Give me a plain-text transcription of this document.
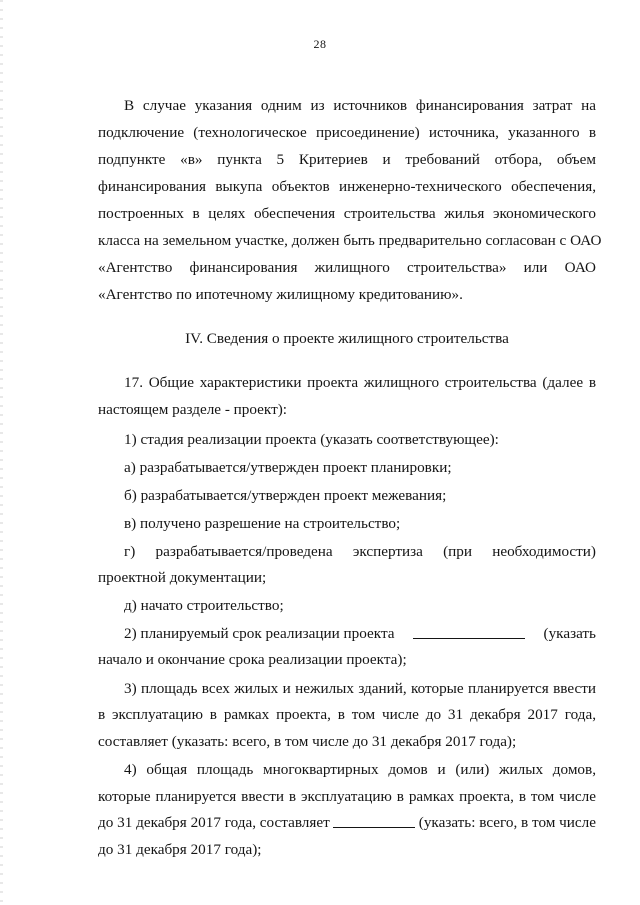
28
В случае указания одним из источников финансирования затрат на
подключение (технологическое присоединение) источника, указанного в
подпункте «в» пункта 5 Критериев и требований отбора, объем
финансирования выкупа объектов инженерно-технического обеспечения,
построенных в целях обеспечения строительства жилья экономического
класса на земельном участке, должен быть предварительно согласован с ОАО
«Агентство финансирования жилищного строительства» или ОАО
«Агентство по ипотечному жилищному кредитованию».
IV. Сведения о проекте жилищного строительства
17. Общие характеристики проекта жилищного строительства (далее в
настоящем разделе - проект):
1) стадия реализации проекта (указать соответствующее):
а) разрабатывается/утвержден проект планировки;
б) разрабатывается/утвержден проект межевания;
в) получено разрешение на строительство;
г) разрабатывается/проведена экспертиза (при необходимости)
проектной документации;
д) начато строительство;
2) планируемый срок реализации проекта	(указать
начало и окончание срока реализации проекта);
3) площадь всех жилых и нежилых зданий, которые планируется ввести
в эксплуатацию в рамках проекта, в том числе до 31 декабря 2017 года,
составляет (указать: всего, в том числе до 31 декабря 2017 года);
4) общая площадь многоквартирных домов и (или) жилых домов,
которые планируется ввести в эксплуатацию в рамках проекта, в том числе
до 31 декабря 2017 года, составляет	(указать: всего, в том числе
до 31 декабря 2017 года);
